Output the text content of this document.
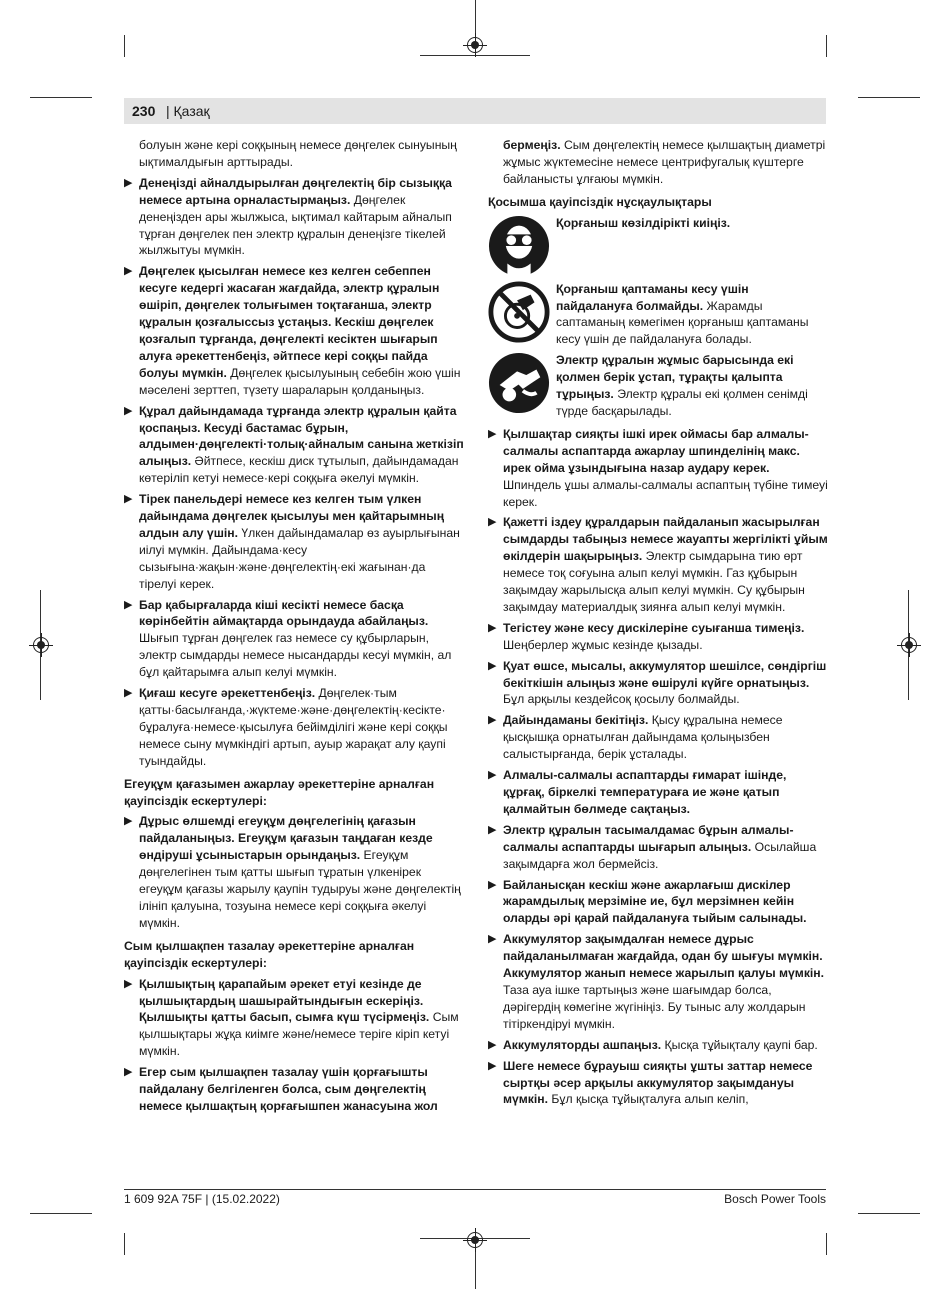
230 | Қазақ

болуын және кері соққының немесе дөңгелек сынуының ықтималдығын арттырады.

▶ Денеңізді айналдырылған дөңгелектің бір сызыққа немесе артына орналастырмаңыз. Дөңгелек денеңізден ары жылжыса, ықтимал кайтарым айналып тұрған дөңгелек пен электр құралын денеңізге тікелей жылжытуы мүмкін.

▶ Дөңгелек қысылған немесе кез келген себеппен кесуге кедергі жасаған жағдайда, электр құралын өшіріп, дөңгелек толығымен тоқтағанша, электр құралын қозғалыссыз ұстаңыз. Кескіш дөңгелек қозғалып тұрғанда, дөңгелекті кесіктен шығарып алуға әрекеттенбеңіз, әйтпесе кері соққы пайда болуы мүмкін. Дөңгелек қысылуының себебін жою үшін мәселені зерттеп, түзету шараларын қолданыңыз.

▶ Құрал дайындамада тұрғанда электр құралын қайта қоспаңыз. Кесуді бастамас бұрын, алдымен·дөңгелекті·толық·айналым санына жеткізіп алыңыз. Әйтпесе, кескіш диск тұтылып, дайындамадан көтеріліп кетуі немесе·кері соққыға әкелуі мүмкін.

▶ Тірек панельдері немесе кез келген тым үлкен дайындама дөңгелек қысылуы мен қайтарымның алдын алу үшін. Үлкен дайындамалар өз ауырлығынан иілуі мүмкін. Дайындама·кесу сызығына·жақын·және·дөңгелектің·екі жағынан·да тірелуі керек.

▶ Бар қабырғаларда кіші кесікті немесе басқа көрінбейтін аймақтарда орындауда абайлаңыз. Шығып тұрған дөңгелек газ немесе су құбырларын, электр сымдарды немесе нысандарды кесуі мүмкін, ал бұл қайтарымға алып келуі мүмкін.

▶ Қиғаш кесуге әрекеттенбеңіз. Дөңгелек·тым қатты·басылғанда,·жүктеме·және·дөңгелектің·кесікте· бұралуға·немесе·қысылуға бейімділігі және кері соққы немесе сыну мүмкіндігі артып, ауыр жарақат алу қаупі туындайды.

Егеуқұм қағазымен ажарлау әрекеттеріне арналған қауіпсіздік ескертулері:

▶ Дұрыс өлшемді егеуқұм дөңгелегінің қағазын пайдаланыңыз. Егеуқұм қағазын таңдаған кезде өндіруші ұсыныстарын орындаңыз. Егеуқұм дөңгелегінен тым қатты шығып тұратын үлкенірек егеуқұм қағазы жарылу қаупін тудыруы және дөңгелектің ілініп қалуына, тозуына немесе кері соққыға әкелуі мүмкін.

Сым қылшақпен тазалау әрекеттеріне арналған қауіпсіздік ескертулері:

▶ Қылшықтың қарапайым әрекет етуі кезінде де қылшықтардың шашырайтындығын ескеріңіз. Қылшықты қатты басып, сымға күш түсірмеңіз. Сым қылшықтары жұқа киімге және/немесе теріге кіріп кетуі мүмкін.

▶ Егер сым қылшақпен тазалау үшін қорғағышты пайдалану белгіленген болса, сым дөңгелектің немесе қылшақтың қорғағышпен жанасуына жол

бермеңіз. Сым дөңгелектің немесе қылшақтың диаметрі жұмыс жүктемесіне немесе центрифугалық күштерге байланысты ұлғаюы мүмкін.

Қосымша қауіпсіздік нұсқаулықтары

Қорғаныш көзілдірікті киіңіз.

Қорғаныш қаптаманы кесу үшін пайдалануға болмайды. Жарамды саптаманың көмегімен қорғаныш қаптаманы кесу үшін де пайдалануға болады.

Электр құралын жұмыс барысында екі қолмен берік ұстап, тұрақты қалыпта тұрыңыз. Электр құралы екі қолмен сенімді түрде басқарылады.

▶ Қылшақтар сияқты ішкі ирек оймасы бар алмалы-салмалы аспаптарда ажарлау шпинделінің макс. ирек ойма ұзындығына назар аудару керек. Шпиндель ұшы алмалы-салмалы аспаптың түбіне тимеуі керек.

▶ Қажетті іздеу құралдарын пайдаланып жасырылған сымдарды табыңыз немесе жауапты жергілікті ұйым өкілдерін шақырыңыз. Электр сымдарына тию өрт немесе тоқ соғуына алып келуі мүмкін. Газ құбырын зақымдау жарылысқа алып келуі мүмкін. Су құбырын зақымдау материалдық зиянға алып келуі мүмкін.

▶ Тегістеу және кесу дискілеріне суығанша тимеңіз. Шеңберлер жұмыс кезінде қызады.

▶ Қуат өшсе, мысалы, аккумулятор шешілсе, сөндіргіш бекіткішін алыңыз және өшірулі күйге орнатыңыз. Бұл арқылы кездейсоқ қосылу болмайды.

▶ Дайындаманы бекітіңіз. Қысу құралына немесе қысқышқа орнатылған дайындама қолыңызбен салыстырғанда, берік ұсталады.

▶ Алмалы-салмалы аспаптарды ғимарат ішінде, құрғақ, біркелкі температураға ие және қатып қалмайтын бөлмеде сақтаңыз.

▶ Электр құралын тасымалдамас бұрын алмалы-салмалы аспаптарды шығарып алыңыз. Осылайша зақымдарға жол бермейсіз.

▶ Байланысқан кескіш және ажарлағыш дискілер жарамдылық мерзіміне ие, бұл мерзімнен кейін оларды әрі қарай пайдалануға тыйым салынады.

▶ Аккумулятор зақымдалған немесе дұрыс пайдаланылмаған жағдайда, одан бу шығуы мүмкін. Аккумулятор жанып немесе жарылып қалуы мүмкін. Таза ауа ішке тартыңыз және шағымдар болса, дәрігердің көмегіне жүгініңіз. Бу тыныс алу жолдарын тітіркендіруі мүмкін.

▶ Аккумуляторды ашпаңыз. Қысқа тұйықталу қаупі бар.

▶ Шеге немесе бұрауыш сияқты ұшты заттар немесе сыртқы әсер арқылы аккумулятор зақымдануы мүмкін. Бұл қысқа тұйықталуға алып келіп,

1 609 92A 75F | (15.02.2022)	Bosch Power Tools
